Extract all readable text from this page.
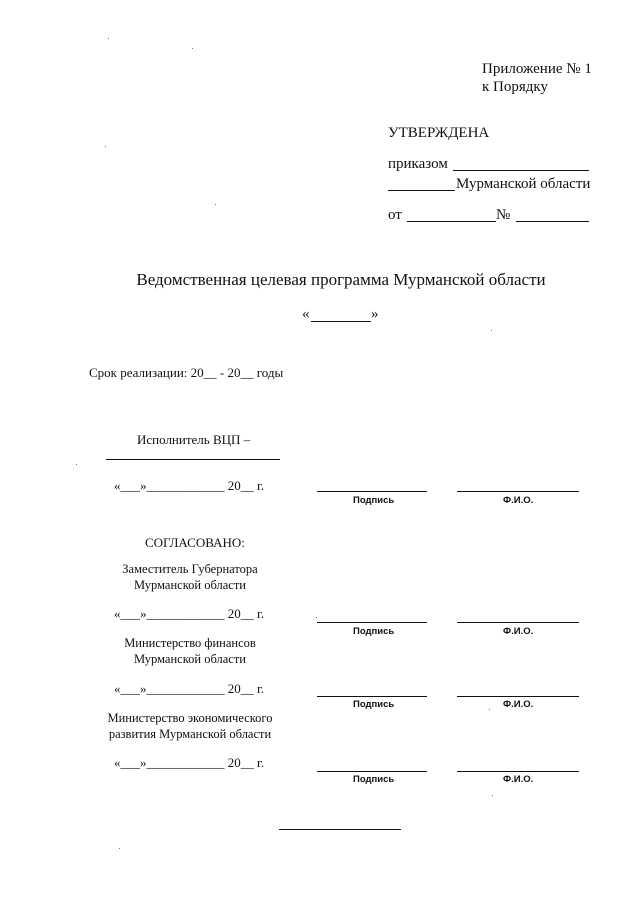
Приложение № 1
к Порядку
УТВЕРЖДЕНА
приказом
Мурманской области
от	№
Ведомственная целевая программа Мурманской области
«	»
Срок реализации: 20__ - 20__ годы
Исполнитель ВЦП –
«___»____________ 20__ г.
Подпись	Ф.И.О.
СОГЛАСОВАНО:
Заместитель Губернатора
Мурманской области
«___»____________ 20__ г.
Подпись	Ф.И.О.
Министерство финансов
Мурманской области
«___»____________ 20__ г.
Подпись	Ф.И.О.
Министерство экономического
развития Мурманской области
«___»____________ 20__ г.
Подпись	Ф.И.О.
